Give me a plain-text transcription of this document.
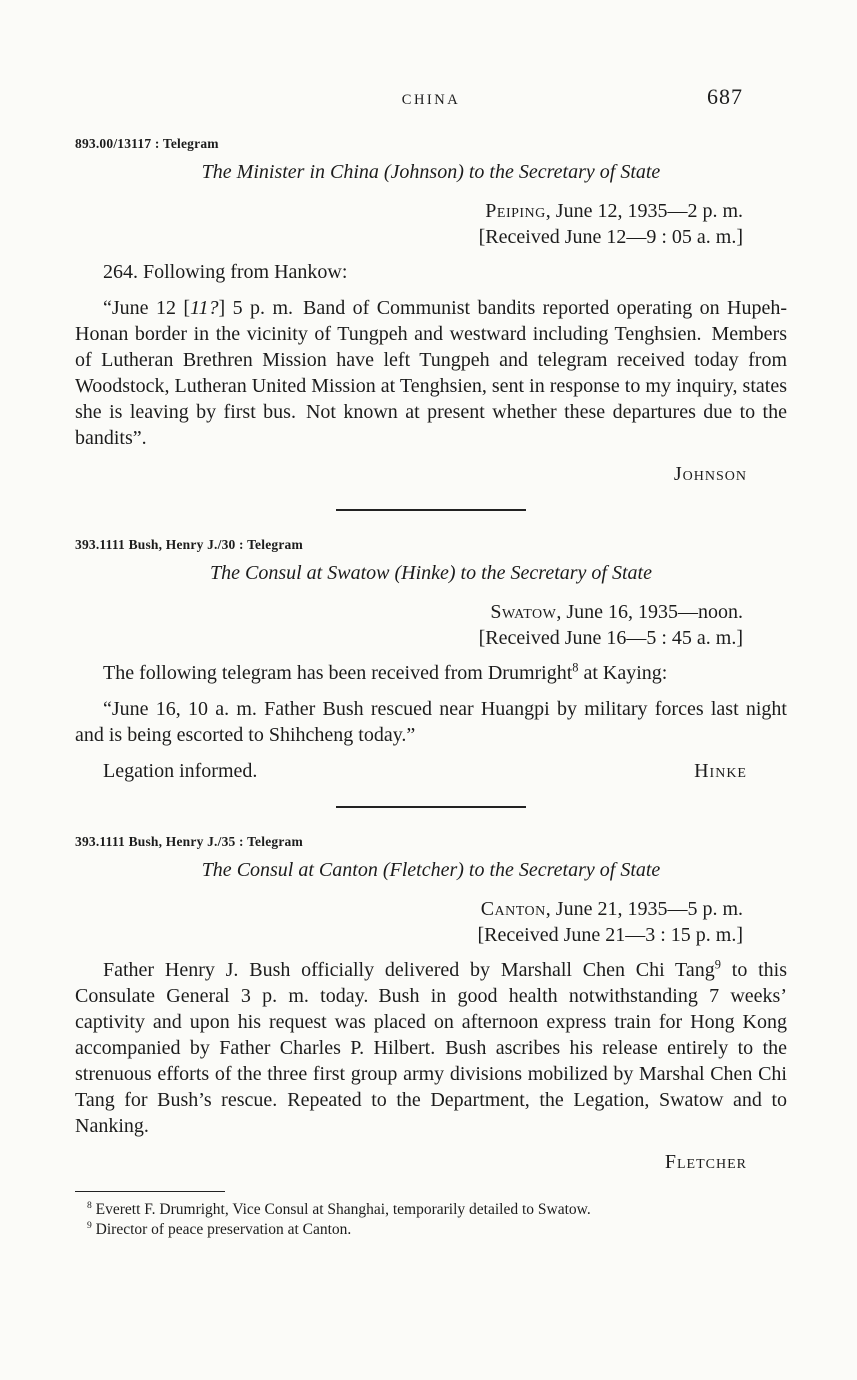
CHINA	687
893.00/13117 : Telegram
The Minister in China (Johnson) to the Secretary of State
Peiping, June 12, 1935—2 p. m.
[Received June 12—9 : 05 a. m.]

264. Following from Hankow:

“June 12 [11?] 5 p. m. Band of Communist bandits reported operating on Hupeh-Honan border in the vicinity of Tungpeh and westward including Tenghsien. Members of Lutheran Brethren Mission have left Tungpeh and telegram received today from Woodstock, Lutheran United Mission at Tenghsien, sent in response to my inquiry, states she is leaving by first bus. Not known at present whether these departures due to the bandits”.

Johnson
393.1111 Bush, Henry J./30 : Telegram
The Consul at Swatow (Hinke) to the Secretary of State
Swatow, June 16, 1935—noon.
[Received June 16—5 : 45 a. m.]

The following telegram has been received from Drumright$^8$ at Kaying:

“June 16, 10 a. m. Father Bush rescued near Huangpi by military forces last night and is being escorted to Shihcheng today.”

Legation informed.	Hinke
393.1111 Bush, Henry J./35 : Telegram
The Consul at Canton (Fletcher) to the Secretary of State
Canton, June 21, 1935—5 p. m.
[Received June 21—3 : 15 p. m.]

Father Henry J. Bush officially delivered by Marshall Chen Chi Tang$^9$ to this Consulate General 3 p. m. today. Bush in good health notwithstanding 7 weeks’ captivity and upon his request was placed on afternoon express train for Hong Kong accompanied by Father Charles P. Hilbert. Bush ascribes his release entirely to the strenuous efforts of the three first group army divisions mobilized by Marshal Chen Chi Tang for Bush’s rescue. Repeated to the Department, the Legation, Swatow and to Nanking.

Fletcher

$^8$ Everett F. Drumright, Vice Consul at Shanghai, temporarily detailed to Swatow.

$^9$ Director of peace preservation at Canton.
